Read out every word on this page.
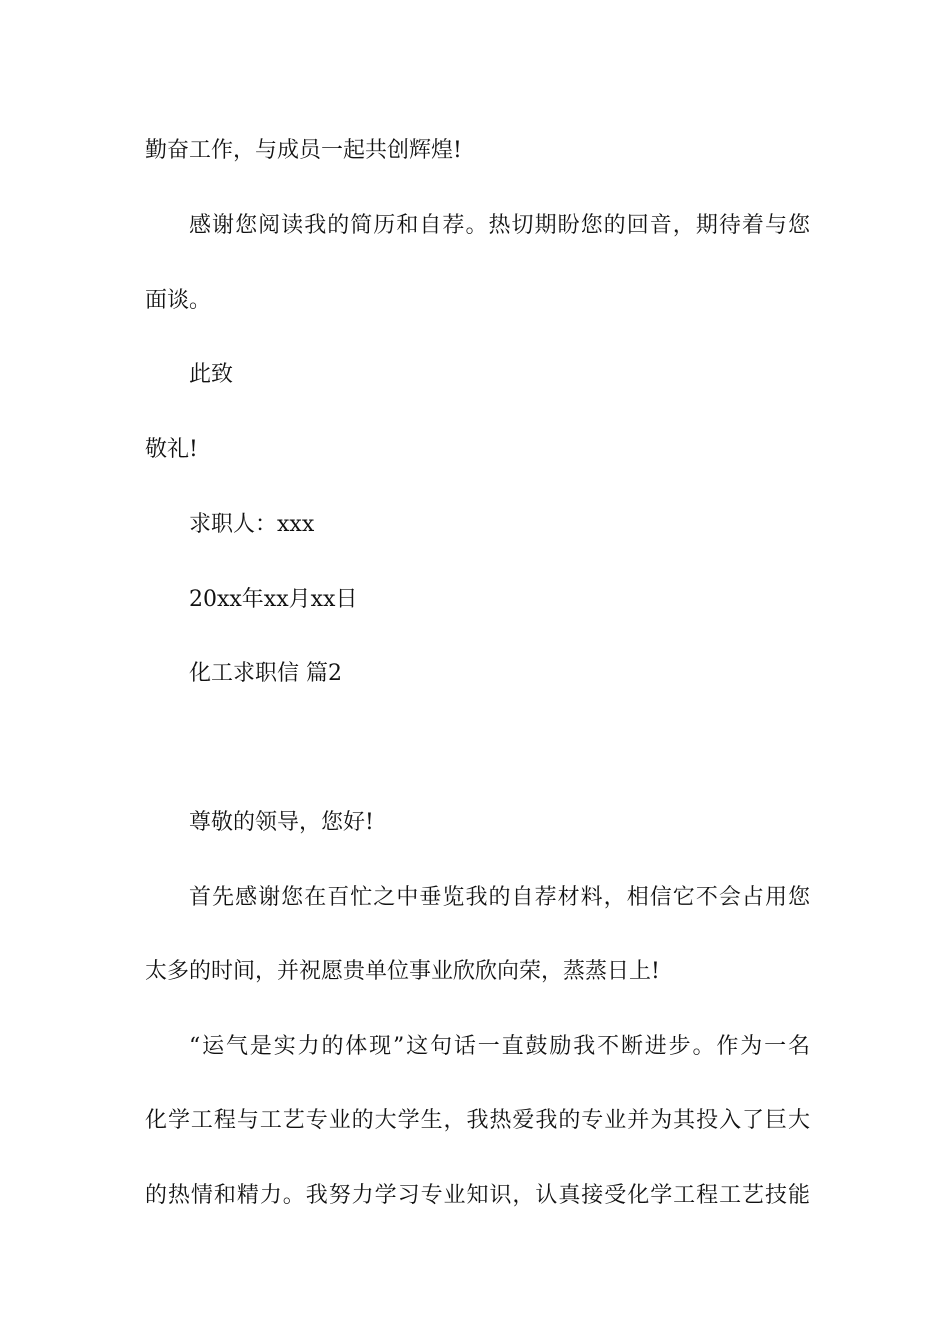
勤奋工作，与成员一起共创辉煌!

感谢您阅读我的简历和自荐。热切期盼您的回音，期待着与您

面谈。

此致

敬礼!

求职人：xxx

20xx年xx月xx日

化工求职信 篇2

尊敬的领导，您好!

首先感谢您在百忙之中垂览我的自荐材料，相信它不会占用您

太多的时间，并祝愿贵单位事业欣欣向荣，蒸蒸日上!

“运气是实力的体现”这句话一直鼓励我不断进步。作为一名

化学工程与工艺专业的大学生，我热爱我的专业并为其投入了巨大

的热情和精力。我努力学习专业知识，认真接受化学工程工艺技能
